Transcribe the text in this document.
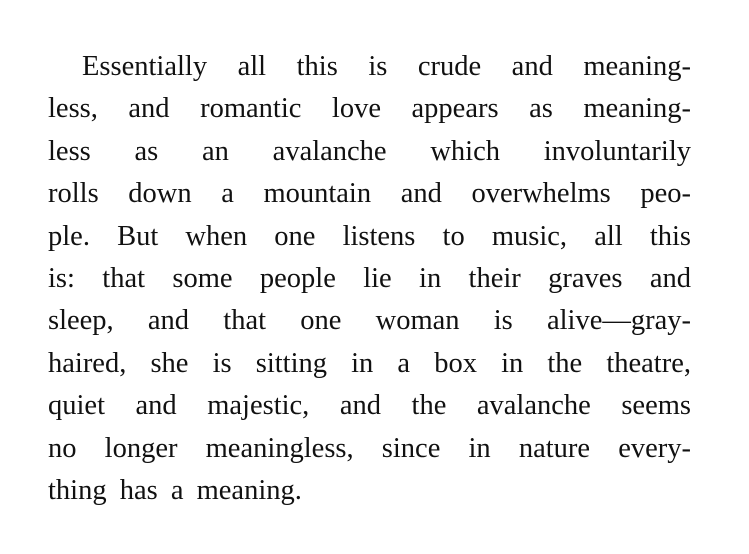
Essentially all this is crude and meaning-
less, and romantic love appears as meaning-
less as an avalanche which involuntarily
rolls down a mountain and overwhelms peo-
ple. But when one listens to music, all this
is: that some people lie in their graves and
sleep, and that one woman is alive—gray-
haired, she is sitting in a box in the theatre,
quiet and majestic, and the avalanche seems
no longer meaningless, since in nature every-
thing has a meaning.
